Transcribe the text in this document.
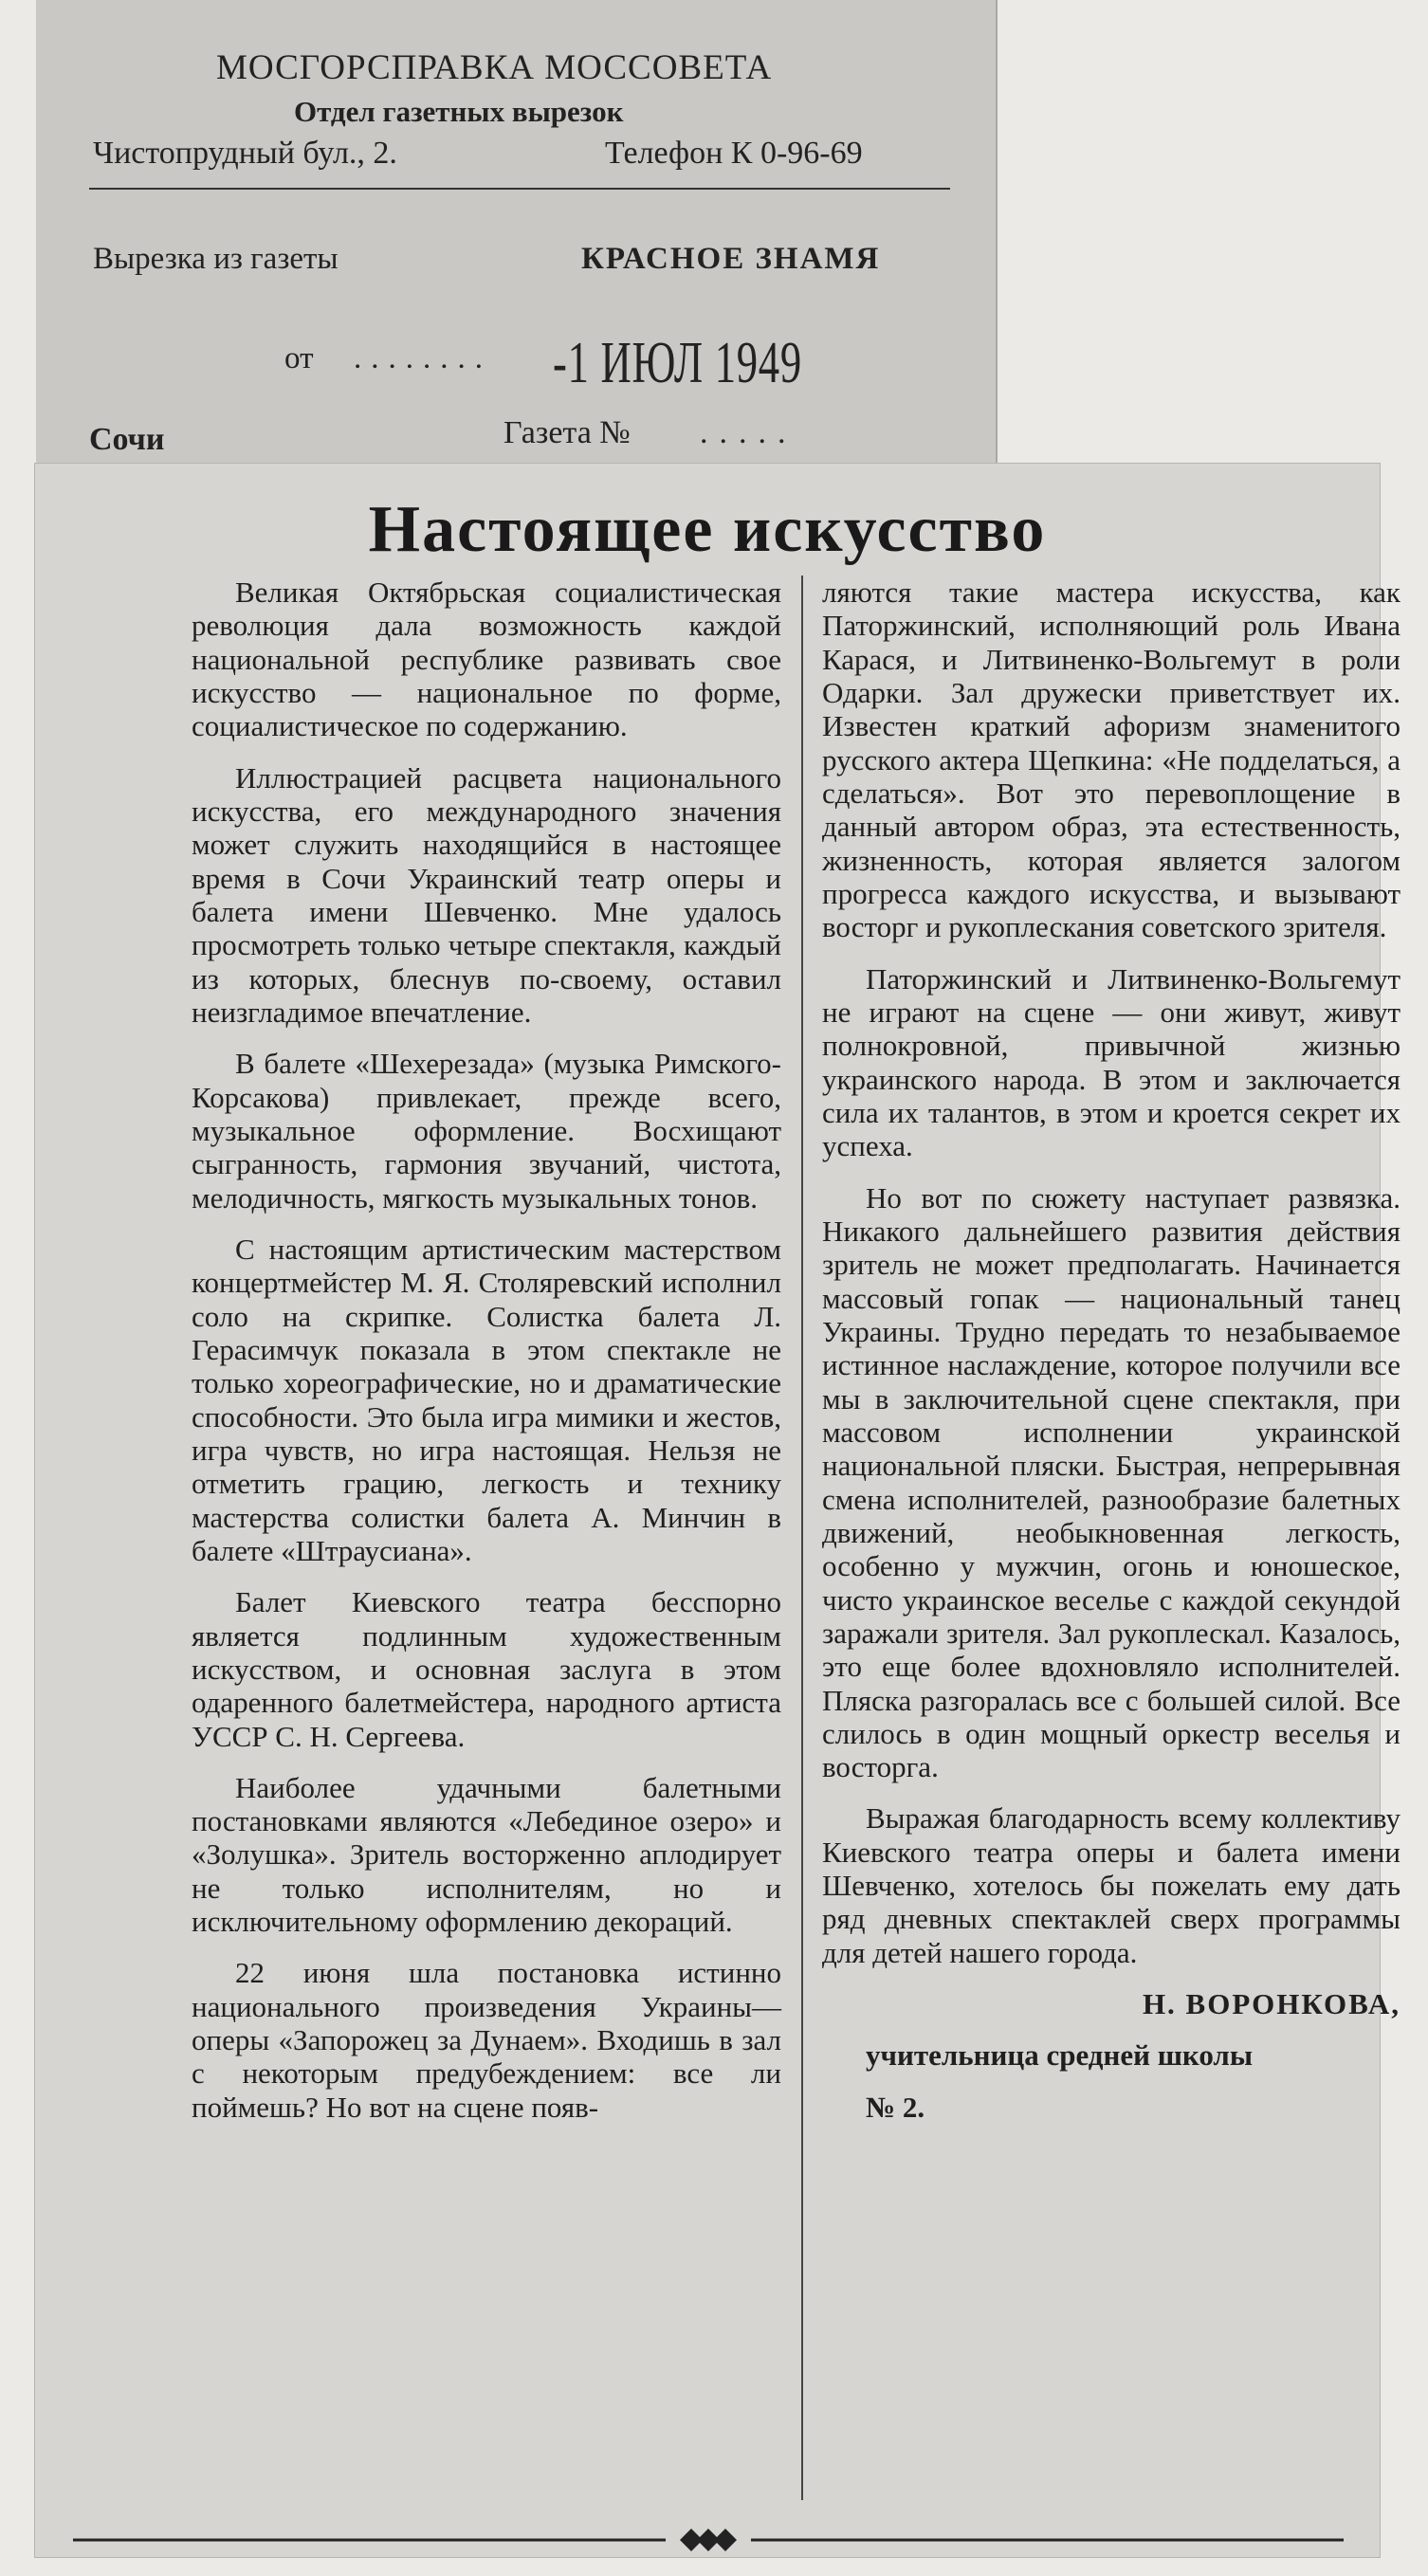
МОСГОРСПРАВКА МОССОВЕТА
Отдел газетных вырезок
Чистопрудный бул., 2.	Телефон К 0-96-69
Вырезка из газеты	КРАСНОЕ ЗНАМЯ
от ........ -1 ИЮЛ 1949
Сочи	Газета № .....
Настоящее искусство

Великая Октябрьская социалистическая революция дала возможность каждой национальной республике развивать свое искусство — национальное по форме, социалистическое по содержанию.

Иллюстрацией расцвета национального искусства, его международного значения может служить находящийся в настоящее время в Сочи Украинский театр оперы и балета имени Шевченко. Мне удалось просмотреть только четыре спектакля, каждый из которых, блеснув по-своему, оставил неизгладимое впечатление.

В балете «Шехерезада» (музыка Римского-Корсакова) привлекает, прежде всего, музыкальное оформление. Восхищают сыгранность, гармония звучаний, чистота, мелодичность, мягкость музыкальных тонов.

С настоящим артистическим мастерством концертмейстер М. Я. Столяревский исполнил соло на скрипке. Солистка балета Л. Герасимчук показала в этом спектакле не только хореографические, но и драматические способности. Это была игра мимики и жестов, игра чувств, но игра настоящая. Нельзя не отметить грацию, легкость и технику мастерства солистки балета А. Минчин в балете «Штраусиана».

Балет Киевского театра бесспорно является подлинным художественным искусством, и основная заслуга в этом одаренного балетмейстера, народного артиста УССР С. Н. Сергеева.

Наиболее удачными балетными постановками являются «Лебединое озеро» и «Золушка». Зритель восторженно аплодирует не только исполнителям, но и исключительному оформлению декораций.

22 июня шла постановка истинно национального произведения Украины—оперы «Запорожец за Дунаем». Входишь в зал с некоторым предубеждением: все ли поймешь? Но вот на сцене появ-

ляются такие мастера искусства, как Паторжинский, исполняющий роль Ивана Карася, и Литвиненко-Вольгемут в роли Одарки. Зал дружески приветствует их. Известен краткий афоризм знаменитого русского актера Щепкина: «Не подделаться, а сделаться». Вот это перевоплощение в данный автором образ, эта естественность, жизненность, которая является залогом прогресса каждого искусства, и вызывают восторг и рукоплескания советского зрителя.

Паторжинский и Литвиненко-Вольгемут не играют на сцене — они живут, живут полнокровной, привычной жизнью украинского народа. В этом и заключается сила их талантов, в этом и кроется секрет их успеха.

Но вот по сюжету наступает развязка. Никакого дальнейшего развития действия зритель не может предполагать. Начинается массовый гопак — национальный танец Украины. Трудно передать то незабываемое истинное наслаждение, которое получили все мы в заключительной сцене спектакля, при массовом исполнении украинской национальной пляски. Быстрая, непрерывная смена исполнителей, разнообразие балетных движений, необыкновенная легкость, особенно у мужчин, огонь и юношеское, чисто украинское веселье с каждой секундой заражали зрителя. Зал рукоплескал. Казалось, это еще более вдохновляло исполнителей. Пляска разгоралась все с большей силой. Все слилось в один мощный оркестр веселья и восторга.

Выражая благодарность всему коллективу Киевского театра оперы и балета имени Шевченко, хотелось бы пожелать ему дать ряд дневных спектаклей сверх программы для детей нашего города.

Н. ВОРОНКОВА,

учительница средней школы

№ 2.
